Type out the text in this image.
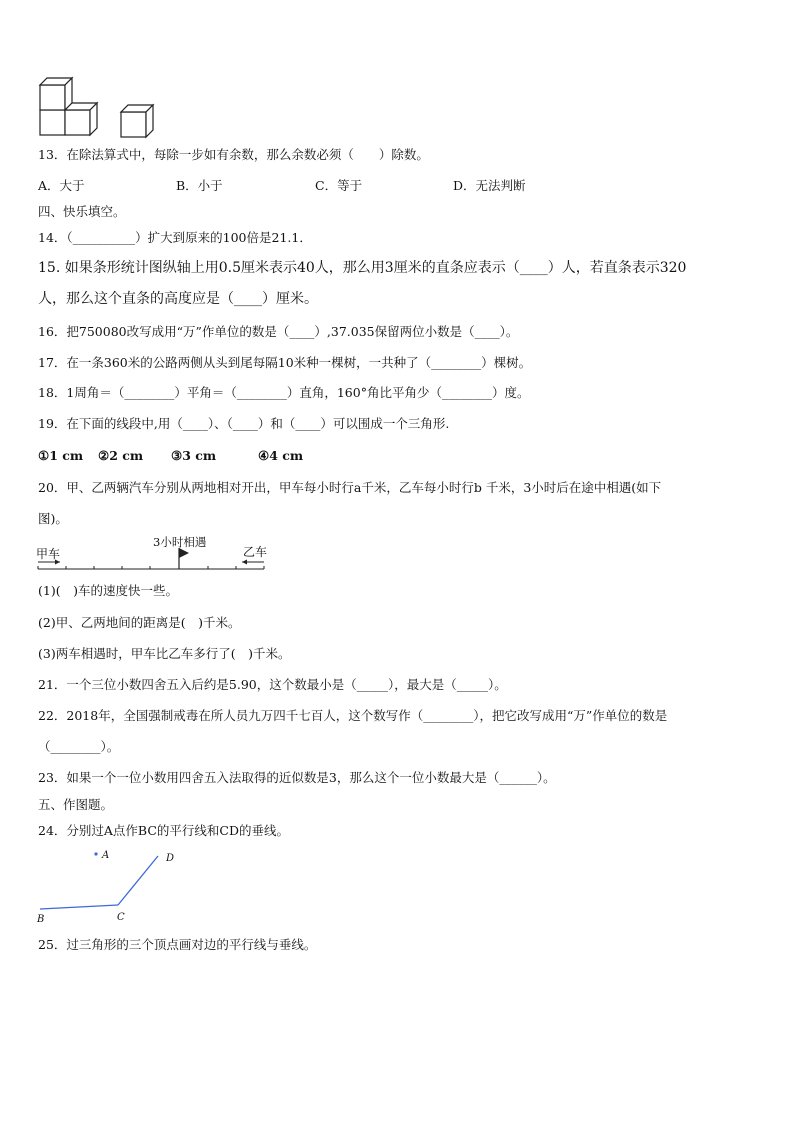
13．在除法算式中，每除一步如有余数，那么余数必须（　　）除数。
A．大于	B．小于	C．等于	D．无法判断
四、快乐填空。
14．（__________）扩大到原来的100倍是21.1．
15. 如果条形统计图纵轴上用0.5厘米表示40人，那么用3厘米的直条应表示（____）人，若直条表示320
人，那么这个直条的高度应是（____）厘米。
16．把750080改写成用“万”作单位的数是（____）,37.035保留两位小数是（____）。
17．在一条360米的公路两侧从头到尾每隔10米种一棵树，一共种了（________）棵树。
18．1周角＝（________）平角＝（________）直角，160°角比平角少（________）度。
19．在下面的线段中,用（____）、（____）和（____）可以围成一个三角形.
①1 cm ②2 cm ③3 cm	④4 cm
20．甲、乙两辆汽车分别从两地相对开出，甲车每小时行a千米，乙车每小时行b 千米，3小时后在途中相遇(如下
图)。
甲车
3小时相遇
乙车
(1)(　)车的速度快一些。
(2)甲、乙两地间的距离是(　)千米。
(3)两车相遇时，甲车比乙车多行了(　)千米。
21．一个三位小数四舍五入后约是5.90，这个数最小是（_____），最大是（_____）。
22．2018年，全国强制戒毒在所人员九万四千七百人，这个数写作（________），把它改写成用“万”作单位的数是
（________）。
23．如果一个一位小数用四舍五入法取得的近似数是3，那么这个一位小数最大是（______）。
五、作图题。
24．分别过A点作BC的平行线和CD的垂线。
A
B	C
D
25．过三角形的三个顶点画对边的平行线与垂线。
